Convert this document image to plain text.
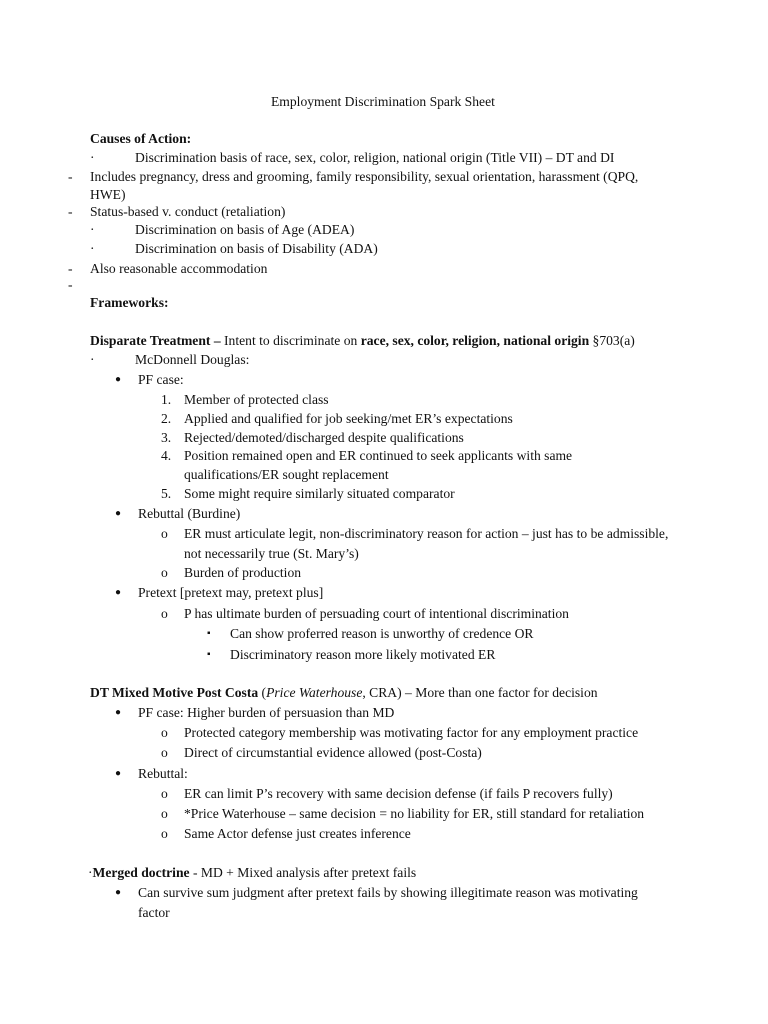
Employment Discrimination Spark Sheet
Causes of Action:
·	Discrimination basis of race, sex, color, religion, national origin (Title VII) – DT and DI
- Includes pregnancy, dress and grooming, family responsibility, sexual orientation, harassment (QPQ,
HWE)
- Status-based v. conduct (retaliation)
·	Discrimination on basis of Age (ADEA)
·	Discrimination on basis of Disability (ADA)
- Also reasonable accommodation
-
Frameworks:
Disparate Treatment – Intent to discriminate on race, sex, color, religion, national origin §703(a)
·	McDonnell Douglas:
● PF case:
1. Member of protected class
2. Applied and qualified for job seeking/met ER’s expectations
3. Rejected/demoted/discharged despite qualifications
4. Position remained open and ER continued to seek applicants with same
qualifications/ER sought replacement
5. Some might require similarly situated comparator
● Rebuttal (Burdine)
o ER must articulate legit, non-discriminatory reason for action – just has to be admissible,
not necessarily true (St. Mary’s)
o Burden of production
● Pretext [pretext may, pretext plus]
o P has ultimate burden of persuading court of intentional discrimination
▪ Can show proferred reason is unworthy of credence OR
▪ Discriminatory reason more likely motivated ER
DT Mixed Motive Post Costa (Price Waterhouse, CRA) – More than one factor for decision
● PF case: Higher burden of persuasion than MD
o Protected category membership was motivating factor for any employment practice
o Direct of circumstantial evidence allowed (post-Costa)
● Rebuttal:
o ER can limit P’s recovery with same decision defense (if fails P recovers fully)
o *Price Waterhouse – same decision = no liability for ER, still standard for retaliation
o Same Actor defense just creates inference
·Merged doctrine - MD + Mixed analysis after pretext fails
● Can survive sum judgment after pretext fails by showing illegitimate reason was motivating
factor
